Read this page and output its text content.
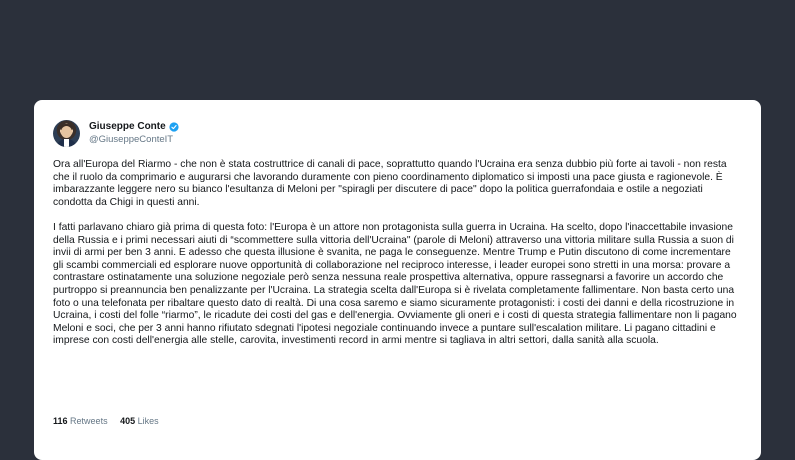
Giuseppe Conte
@GiuseppeConteIT

Ora all'Europa del Riarmo - che non è stata costruttrice di canali di pace, soprattutto quando l'Ucraina era senza dubbio più forte ai tavoli - non resta che il ruolo da comprimario e augurarsi che lavorando duramente con pieno coordinamento diplomatico si imposti una pace giusta e ragionevole. È imbarazzante leggere nero su bianco l'esultanza di Meloni per "spiragli per discutere di pace" dopo la politica guerrafondaia e ostile a negoziati condotta da Chigi in questi anni.

I fatti parlavano chiaro già prima di questa foto: l'Europa è un attore non protagonista sulla guerra in Ucraina. Ha scelto, dopo l'inaccettabile invasione della Russia e i primi necessari aiuti di “scommettere sulla vittoria dell'Ucraina" (parole di Meloni) attraverso una vittoria militare sulla Russia a suon di invii di armi per ben 3 anni. E adesso che questa illusione è svanita, ne paga le conseguenze. Mentre Trump e Putin discutono di come incrementare gli scambi commerciali ed esplorare nuove opportunità di collaborazione nel reciproco interesse, i leader europei sono stretti in una morsa: provare a contrastare ostinatamente una soluzione negoziale però senza nessuna reale prospettiva alternativa, oppure rassegnarsi a favorire un accordo che purtroppo si preannuncia ben penalizzante per l'Ucraina. La strategia scelta dall'Europa si è rivelata completamente fallimentare. Non basta certo una foto o una telefonata per ribaltare questo dato di realtà. Di una cosa saremo e siamo sicuramente protagonisti: i costi dei danni e della ricostruzione in Ucraina, i costi del folle “riarmo”, le ricadute dei costi del gas e dell'energia. Ovviamente gli oneri e i costi di questa strategia fallimentare non li pagano Meloni e soci, che per 3 anni hanno rifiutato sdegnati l'ipotesi negoziale continuando invece a puntare sull'escalation militare. Li pagano cittadini e imprese con costi dell'energia alle stelle, carovita, investimenti record in armi mentre si tagliava in altri settori, dalla sanità alla scuola.

116 Retweets 405 Likes
